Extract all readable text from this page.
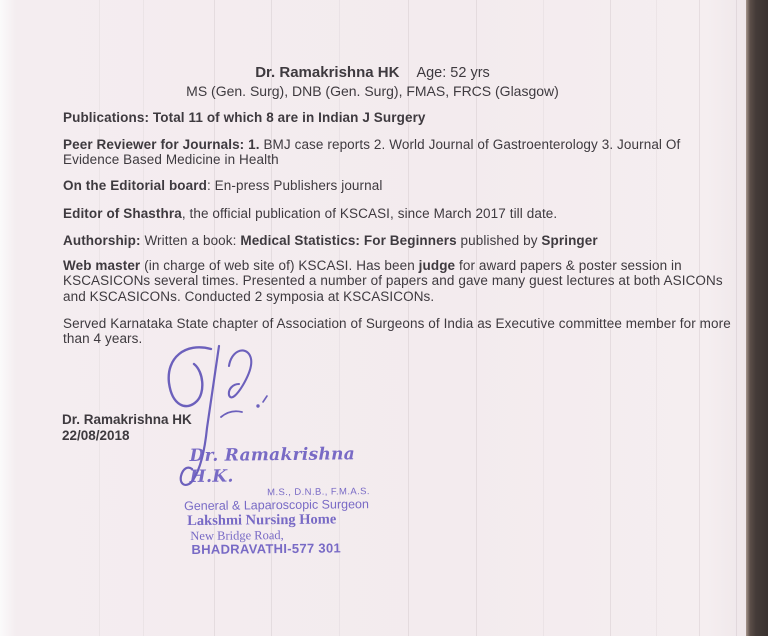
Dr. Ramakrishna HK Age: 52 yrs
MS (Gen. Surg), DNB (Gen. Surg), FMAS, FRCS (Glasgow)
Publications: Total 11 of which 8 are in Indian J Surgery
Peer Reviewer for Journals: 1. BMJ case reports 2. World Journal of Gastroenterology 3. Journal Of Evidence Based Medicine in Health
On the Editorial board: En-press Publishers journal
Editor of Shasthra, the official publication of KSCASI, since March 2017 till date.
Authorship: Written a book: Medical Statistics: For Beginners published by Springer
Web master (in charge of web site of) KSCASI. Has been judge for award papers & poster session in KSCASICONs several times. Presented a number of papers and gave many guest lectures at both ASICONs and KSCASICONs. Conducted 2 symposia at KSCASICONs.
Served Karnataka State chapter of Association of Surgeons of India as Executive committee member for more than 4 years.
Dr. Ramakrishna HK
22/08/2018
Dr. Ramakrishna H.K.
M.S., D.N.B., F.M.A.S.
General & Laparoscopic Surgeon
Lakshmi Nursing Home
New Bridge Road,
BHADRAVATHI-577 301
